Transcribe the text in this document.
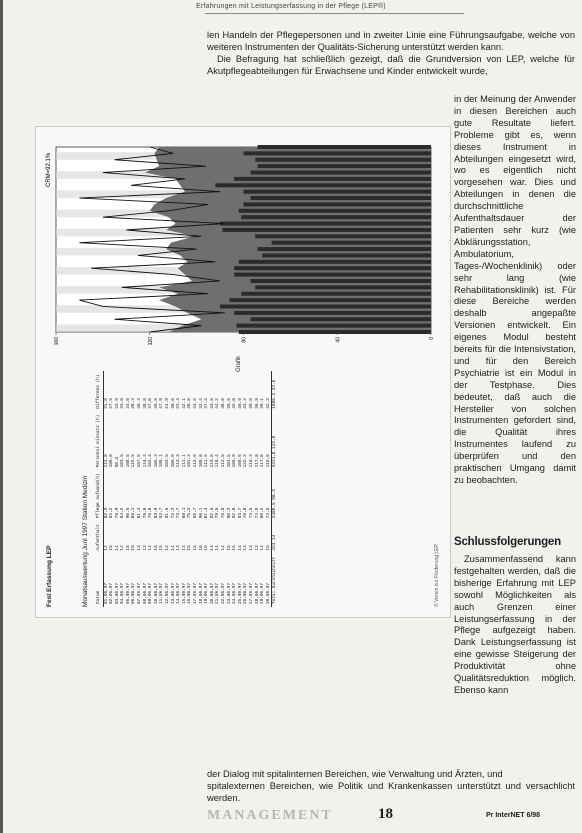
Erfahrungen mit Leistungserfassung in der Pflege (LEP®)

len Handeln der Pflegepersonen und in zweiter Linie eine Führungsaufgabe, welche von weiteren Instrumenten der Qualitäts-Sicherung unterstützt werden kann.

Die Befragung hat schließlich gezeigt, daß die Grundversion von LEP, welche für Akutpflegeabteilungen für Erwachsene und Kinder entwickelt wurde,

in der Meinung der Anwender in diesen Bereichen auch gute Resultate liefert. Probleme gibt es, wenn dieses Instrument in Abteilungen eingesetzt wird, wo es eigentlich nicht vorgesehen war. Dies und Abteilungen in denen die durchschnittliche Aufenthaltsdauer der Patienten sehr kurz (wie Abklärungsstation, Ambulatorium, Tages-/Wochenklinik) oder sehr lang (wie Rehabilitationsklinik) ist. Für diese Bereiche werden deshalb angepaßte Versionen entwickelt. Ein eigenes Modul besteht bereits für die Intensivstation, und für den Bereich Psychiatrie ist ein Modul in der Testphase. Dies bedeutet, daß auch die Hersteller von solchen Instrumenten gefordert sind, die Qualität ihres Instrumentes laufend zu überprüfen und den praktischen Umgang damit zu beobachten.

Schlussfolgerungen

Zusammenfassend kann festgehalten werden, daß die bisherige Erfahrung mit LEP sowohl Möglichkeiten als auch Grenzen einer Leistungserfassung in der Pflege aufgezeigt haben. Dank Leistungserfassung ist eine gewisse Steigerung der Produktivität ohne Qualitätsreduktion möglich. Ebenso kann

Fest Erfassung LEP	Monatsauswertung Juni 1997 Station Medizin Datum	Aufenthalt	Pflege aufwand(h)	Personal einsatz (h)	Differenz (h)
01.06.97	14	82.5	112.0	31.8
02.06.97	15	83.2	106.0	27.5
03.06.97	14	76.9	98.3	23.9
04.06.97	14	84.3	103.5	33.0
05.06.97	16	90.5	108.5	34.0
06.06.97	16	86.1	115.5	28.3
07.06.97	13	81.4	107.5	40.3
08.06.97	13	75.0	116.4	38.8
09.06.97	14	76.6	102.4	37.0
10.06.97	16	83.9	105.3	35.8
11.06.97	15	83.7	108.1	47.9
12.06.97	14	81.6	103.5	24.9
13.06.97	14	72.3	106.8	40.6
14.06.97	13	73.7	113.3	23.4
15.06.97	14	68.1	111.1	42.1
16.06.97	15	75.3	101.3	46.8
17.06.97	15	88.7	112.6	34.6
18.06.97	16	90.1	109.0	32.4
19.06.97	15	81.3	111.6	37.4
20.06.97	14	82.5	119.8	33.6
21.06.97	14	79.5	118.4	44.2
22.06.97	14	76.8	112.5	38.0
23.06.97	15	80.3	104.5	35.6
24.06.97	15	92.0	106.9	42.6
25.06.97	14	83.7	108.6	46.9
26.06.97	14	76.8	122.2	33.4
27.06.97	13	73.5	116.3	39.8
28.06.97	13	74.9	117.0	36.9
29.06.97	14	80.2	117.8	39.1
30.06.97	15	73.5	115.6	42.3
Total Durchschnitt	424 14	2409.5 80.3	3414.8 113.8	1005.3 33.5
Grafik
0
40
80
120
160
CRM=92.1%
© Verein zur Förderung LEP
der Dialog mit spitalinternen Bereichen, wie Verwaltung und Ärzten, und
spitalexternen Bereichen, wie Politik und Krankenkassen unterstützt und versachlicht werden.
MANAGEMENT	18	Pr InterNET 6/98
